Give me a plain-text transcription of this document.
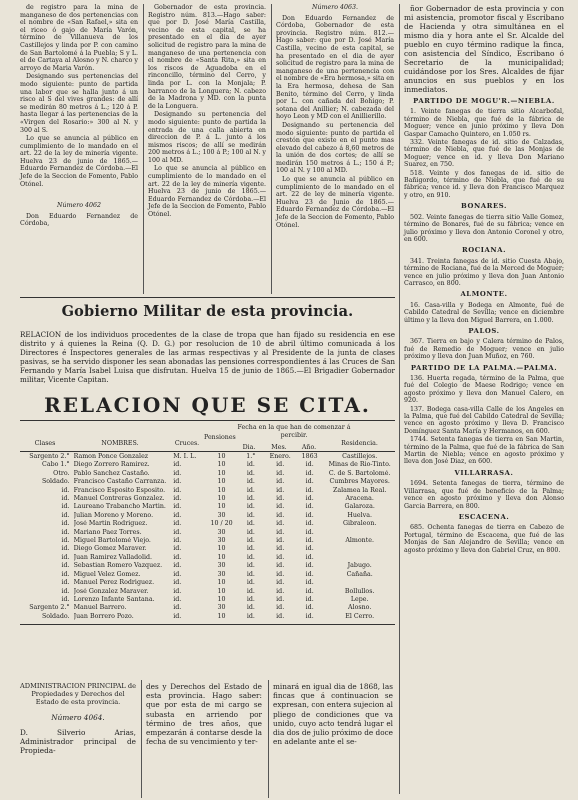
de registro para la mina de manganeso de dos pertenencias con el nombre de «San Rafael,» sita en el riceo ó gajo de María Varón, término de Villanueva de los Castillejos y linda por P. con camino de San Bartolomé á la Puebla; S y L. el de Cartaya al Alosno y N. charco y arroyo de Maria Varón.

Designando sus pertenencias del modo siguiente: punto de partida una labor que se halla junto á un risco al S del vives grandes: de allí se medirán 80 metros á L.; 120 á P. hasta llegar á las pertenencias de la «Virgen del Rosario:» 300 al N. y 300 al S.

Lo que se anuncia al público en cumplimiento de lo mandado en el art. 22 de la ley de minería vigente. Huelva 23 de junio de 1865.—Eduardo Fernandez de Córdoba.—El Jefe de la Seccion de Fomento, Pablo Otónel.

Número 4062

Don Eduardo Fernandez de Córdoba,

Gobernador de esta provincia. Registro núm. 813.—Hago saber: que por D. José María Castilla, vecino de esta capital, se ha presentado en el dia de ayer solicitud de registro para la mina de manganeso de una pertenencia con el nombre de «Santa Rita,» sita en los riscos de Aguadoba en el rinconcillo, término del Cerro, y linda por L. con la Monjala; P. barranco de la Longuera; N. cabezo de la Madrona y MD. con la punta de la Longuera.

Designando su pertenencia del modo siguiente: punto de partida la entrada de una calla abierta en direccion de P. á L. junto á los mismos riscos; de allí se medirán 200 metros á L.; 100 á P.; 100 al N. y 100 al MD.

Lo que se anuncia al público en cumplimiento de lo mandado en el art. 22 de la ley de minería vigente. Huelva 23 de junio de 1865.—Eduardo Fernandez de Córdoba.—El Jefe de la Seccion de Fomento, Pablo Otónel.

Número 4063.

Don Eduardo Fernandez de Córdoba, Gobernador de esta provincia. Registro núm. 812.—Hago saber: que por D. José María Castilla, vecino de esta capital, se ha presentado en el dia de ayer solicitud de registro para la mina de manganeso de una pertenencia con el nombre de «Era hermosa,» sita en la Era hermosa, dehesa de San Benito, término del Cerro, y linda por L. con cañada del Bohigo; P. sotana del Anillier; N. cabezada del hoyo Leon y MD con el Anillierillo.

Designando su pertenencia del modo siguiente: punto de partida el crestón que existe en el punto mas elevado del cabezo á 8,60 metros de la unión de dos cortes; de allí se medirán 150 metros á L.; 150 á P.; 100 al N. y 100 al MD.

Lo que se anuncia al público en cumplimiento de lo mandado en el art. 22 de ley de minería vigente. Huelva 23 de Junio de 1865.—Eduardo Fernandez de Córdoba.—El Jefe de la Seccion de Fomento, Pablo Otónel.

Gobierno Militar de esta provincia.
RELACION de los individuos procedentes de la clase de tropa que han fijado su residencia en ese distrito y á quienes la Reina (Q. D. G.) por resolucion de 10 de abril último comunicada á los Directores é Inspectores generales de las armas respectivas y al Presidente de la junta de clases pasivas, se ha servido disponer les sean abonadas las pensiones correspondientes á las Cruces de San Fernando y María Isabel Luisa que disfrutan. Huelva 15 de junio de 1865.—El Brigadier Gobernador militar, Vicente Capitan.
RELACION QUE SE CITA.
Fecha en la que han de comenzar á percibir.
Clases	NOMBRES.	Cruces.
Pensiones
Dia.	Mes.	Año.
Residencia.
Sargento 2.°	Ramon Ponce Gonzalez	M. I. L.	10	1.°	Enero.	1863	Castillejos.
Cabo 1.°	Diego Zorrero Ramirez.	id.	10	id.	id.	id.	Minas de Rio-Tinto.
Otro.	Pablo Sanchez Castaño.	id.	10	id.	id.	id.	C. de S. Bartolomé.
Soldado.	Francisco Castaño Carranza.	id.	10	id.	id.	id.	Cumbres Mayores.
id.	Francisco Esposito Esposito.	id.	10	id.	id.	id.	Zalamea la Real.
id.	Manuel Contreras Gonzalez.	id.	10	id.	id.	id.	Aracena.
id.	Laureano Trabancho Martin.	id.	10	id.	id.	id.	Galaroza.
id.	Julian Moreno y Moreno.	id.	30	id.	id.	id.	Huelva.
id.	José Martin Rodriguez.	id.	10 / 20	id.	id.	id.	Gibraleon.
id.	Mariano Paez Torres.	id.	30	id.	id.	id.	
id.	Miguel Bartolomé Viejo.	id.	30	id.	id.	id.	Almonte.
id.	Diego Gomez Maraver.	id.	10	id.	id.	id.	
id.	Juan Ramirez Valladolid.	id.	10	id.	id.	id.	
id.	Sebastian Romero Vazquez.	id.	30	id.	id.	id.	Jabugo.
id.	Miguel Velez Gomez.	id.	30	id.	id.	id.	Cañaña.
id.	Manuel Perez Rodriguez.	id.	10	id.	id.	id.	
id.	José Gonzalez Maraver.	id.	10	id.	id.	id.	Bollullos.
id.	Lorenzo Infante Santana.	id.	10	id.	id.	id.	Lepe.
Sargento 2.°	Manuel Barrero.	id.	30	id.	id.	id.	Alosno.
Soldado.	Juan Borrero Pozo.	id.	10	id.	id.	id.	El Cerro.
ADMINISTRACION PRINCIPAL de Propiedades y Derechos del Estado de esta provincia.
Número 4064.
D. Silverio Arias, Administrador principal de Propieda-
des y Derechos del Estado de esta provincia. Hago saber: que por esta de mi cargo se subasta en arriendo por término de tres años, que empezarán á contarse desde la fecha de su vencimiento y ter-
minará en igual dia de 1868, las fincas que á continuacion se expresan, con entera sujecion al pliego de condiciones que va unido, cuyo acto tendrá lugar el dia dos de julio próximo de doce en adelante ante el se-

ñor Gobernador de esta provincia y con mi asistencia, promotor fiscal y Escribano de Hacienda y otra simultánea en el mismo dia y hora ante el Sr. Alcalde del pueblo en cuyo término radique la finca, con asistencia del Síndico, Escribano ó Secretario de la municipalidad; cuidándose por los Sres. Alcaldes de fijar anuncios en sus pueblos y en los inmediatos.

PARTIDO DE MOGU'R.—NIEBLA.

1. Veinte fanegas de tierra sitio Alcarbofal, término de Niebla, que fué de la fábrica de Moguer; vence en junio próximo y lleva Don Gaspar Camacho Quintero, en 1.050 rs.

332. Veinte fanegas de id. sitio de Calzadas, término de Niebla, que fué de las Monjas de Moguer; vence en id. y lleva Don Mariano Suarez, en 750.

518. Veinte y dos fanegas de id. sitio de Bañigordo, término de Niebla, que fué de su fábrica; vence id. y lleva don Francisco Marquez y otro, en 910.

BONARES.

502. Veinte fanegas de tierra sitio Valle Gomez, término de Bonares, fué de su fábrica; vence en julio próximo y lleva don Antonio Coronel y otro, en 600.

ROCIANA.

341. Treinta fanegas de id. sitio Cuesta Abajo, término de Rociana, fué de la Merced de Moguer; vence en julio próximo y lleva don Juan Antonio Carrasco, en 800.

ALMONTE.

16. Casa-villa y Bodega en Almonte, fué de Cabildo Catedral de Sevilla; vence en diciembre último y la lleva don Miguel Barrera, en 1.000.

PALOS.

367. Tierra en bajo y Calera término de Palos, fué de Remedio de Moguer; vence en julio próximo y lleva don Juan Muñoz, en 760.

PARTIDO DE LA PALMA.—PALMA.

136. Huerta regada, término de la Palma, que fué del Colegio de Maese Rodrigo; vence en agosto próximo y lleva don Manuel Calero, en 920.

137. Bodega casa-villa Calle de los Angeles en la Palma, que fué del Cabildo Catedral de Sevilla; vence en agosto próximo y lleva D. Francisco Domínguez Santa María y Hermanos, en 600.

1744. Setenta fanegas de tierra en San Martin, término de la Palma, que fué de la fábrica de San Martin de Niebla; vence en agosto próximo y lleva don José Diaz, en 600.

VILLARRASA.

1694. Setenta fanegas de tierra, término de Villarrasa, que fué de beneficio de la Palma; vence en agosto próximo y lleva don Alonso Garcia Barrera, en 800.

ESCACENA.

685. Ochenta fanegas de tierra en Cabezo de Portugal, término de Escacena, que fué de las Monjas de San Alejandro de Sevilla; vence en agosto próximo y lleva don Gabriel Cruz, en 800.
